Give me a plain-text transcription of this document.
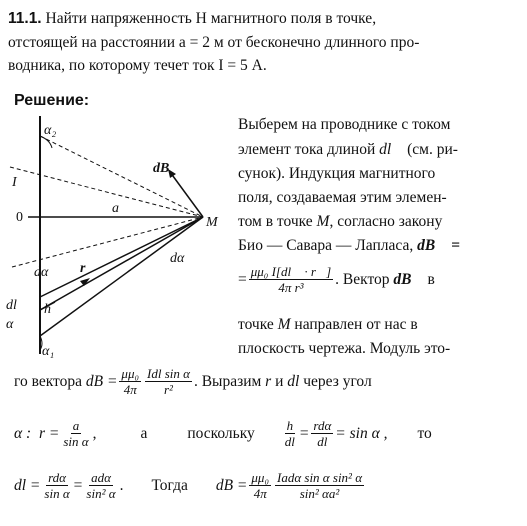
11.1. Найти напряженность H магнитного поля в точке,
отстоящей на расстоянии a = 2 м от бесконечно длинного про-
водника, по которому течет ток I = 5 А.
Решение:
α₂
I
0
a
M
dB⃗
dα r⃗
dα
dl h
α
α₁
Выберем на проводнике с током
элемент тока длиной dl⃗ (см. ри-
сунок). Индукция магнитного
поля, создаваемая этим элемен-
том в точке M, согласно закону
Био — Савара — Лапласа, dB⃗ =
= $\frac{\text{μμ₀ I[dl⃗ · r⃗]}}{\text{4π r³}}$ . Вектор
dB⃗
в
точке M направлен от нас в
плоскость чертежа. Модуль это-
го вектора
dB = $\frac{\text{μμ₀}}{4\pi} \frac{\text{Idl sin α}}{\text{r²}}$ . Выразим
r
и
dl
через угол
α :
$r = \frac{a}{\text{sin α}}$ ,	а	поскольку $\frac{h}{dl} = \frac{\text{rdα}}{dl} = \sin \alpha$ , то
dl = $\frac{\text{rdα}}{\text{sin α}} = \frac{\text{adα}}{\text{sin² α}}$ . Тогда dB = $\frac{\text{μμ₀}}{4\pi} \frac{\text{Iadα sin α sin² α}}{\text{sin² αa²}}$
